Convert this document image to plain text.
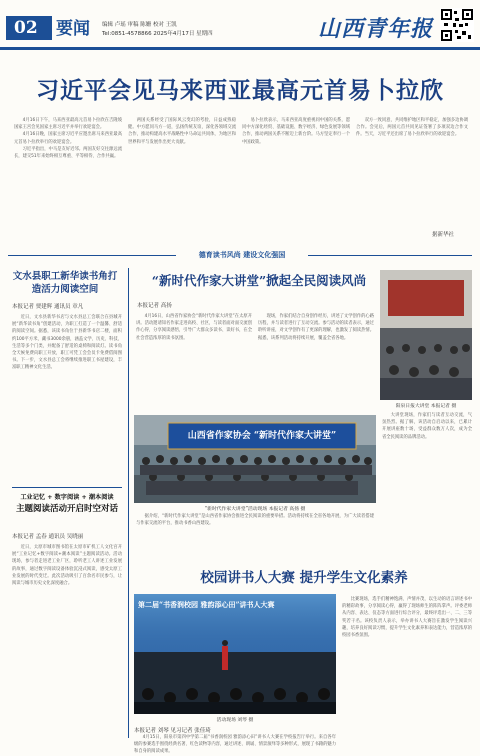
02	要闻 编辑 卢瑶 审稿 陈姗 校对 王凯
Tel:0851-4578866 2025年4月17日 星期四	山西青年报
习近平会见马来西亚最高元首易卜拉欣

4月16日下午，马来西亚最高元首易卜拉欣在吉隆坡国家王宫会见国家主席习近平并举行欢迎宴会。

4月16日晚，国家主席习近平应邀出席马来西亚最高元首易卜拉欣举行的欢迎宴会。

习近平指出，中马是友好近邻。两国友好交往源远流长，建交51年来始终相互尊重、平等相待、合作共赢。

两国关系经受了国际风云变幻的考验，日益成熟稳健。中方愿同马方一道，弘扬传统友谊，深化各领域交流合作，推动构建高水平战略性中马命运共同体，为地区和世界和平与发展作出更大贡献。

易卜拉欣表示，马来西亚高度重视同中国的关系，愿同中方深化经贸、基础设施、数字经济、绿色发展等领域合作，推动两国关系不断迈上新台阶。马方坚定奉行一个中国政策。

双方一致同意，共同维护地区和平稳定，加强多边协调合作。会见后，两国元首共同见证签署了多项双边合作文件。当天，习近平还出席了易卜拉欣举行的欢迎宴会。

据新华社
德育读书风尚 建设文化强国
文水县职工新华读书角打造活力阅读空间
本报记者 贾建辉 通讯员 章凡

近日，文水县新华书店与文水县总工会联合在县城开展“新华读书角”创建活动，为职工打造了一个温馨、舒适的阅读空间。据悉，该读书角位于县新华书店二楼，面积约100平方米，藏书3000余册，涵盖文学、历史、科技、生活等多个门类，并配备了舒适的桌椅和阅读灯。读书角全天候免费向职工开放，职工可凭工会会员卡免费借阅图书。下一步，文水县总工会将继续推进职工书屋建设，丰富职工精神文化生活。

工业记忆 + 数字阅读 + 潮本阅读
主题阅读活动开启时空对话
本报记者 孟春 通讯员 吴晓丽

近日，太原市城市图书馆在太原市矿机工人文化宫开展“工业记忆+数字阅读+潮本阅读”主题阅读活动。活动现场，参与者走进老工业厂区，聆听老工人讲述工业发展的故事，通过数字阅读设备体验沉浸式阅读，感受太原工业发展的时代变迁。此次活动吸引了百余名市民参与，让阅读与城市历史文化深度融合。

“新时代作家大讲堂”掀起全民阅读风尚
本报记者 高扬

4月16日，山西省作家协会“新时代作家大讲堂”在太原开讲。活动邀请知名作家走进高校、社区，与读者面对面交流创作心得，分享阅读感悟，引导广大群众多读书、读好书，在全社会营造浓厚的读书氛围。

现场，作家们结合自身创作经历，讲述了文学创作的心路历程，并与读者进行了互动交流。参与活动的读者表示，通过聆听讲座，对文学创作有了更深的理解，也激发了阅读热情。据悉，该系列活动将持续开展，覆盖全省各地。

山西省作家协会 “新时代作家大讲堂”
“新时代作家大讲堂”活动现场 本报记者 高扬 摄

据介绍，“新时代作家大讲堂”是山西省作家协会推进全民阅读的重要举措。活动将持续在全省各地开展，为广大读者搭建与作家交流的平台，推动书香山西建设。

阳泉日报大讲堂 本报记者 摄

大讲堂现场，作家们与读者互动交流，气氛热烈。据了解，该活动自启动以来，已累计开展讲座数十场，受益群众数万人次，成为全省全民阅读的品牌活动。

校园讲书人大赛 提升学生文化素养
第二届“书香润校园 雅韵添心田”讲书人大赛
活动现场 刘琴 摄
本报记者 刘琴 见习记者 张佳琦

4月15日，阳泉市第四中学第二届“书香润校园 雅韵添心田”讲书人大赛在学校报告厅举行。来自各年级的参赛选手围绕经典名著、红色读物等内容，通过讲述、朗诵、情景演绎等多种形式，展现了书籍的魅力和自身的阅读成果。

比赛现场，选手们精神饱满、声情并茂，以生动的语言讲述书中的精彩故事，分享阅读心得，赢得了现场师生的阵阵掌声。评委老师从内容、表达、仪态等方面进行综合评分，最终评选出一、二、三等奖若干名。该校负责人表示，举办讲书人大赛旨在激发学生阅读兴趣，培养良好阅读习惯，提升学生文化素养和表达能力，营造浓厚的校园书香氛围。
